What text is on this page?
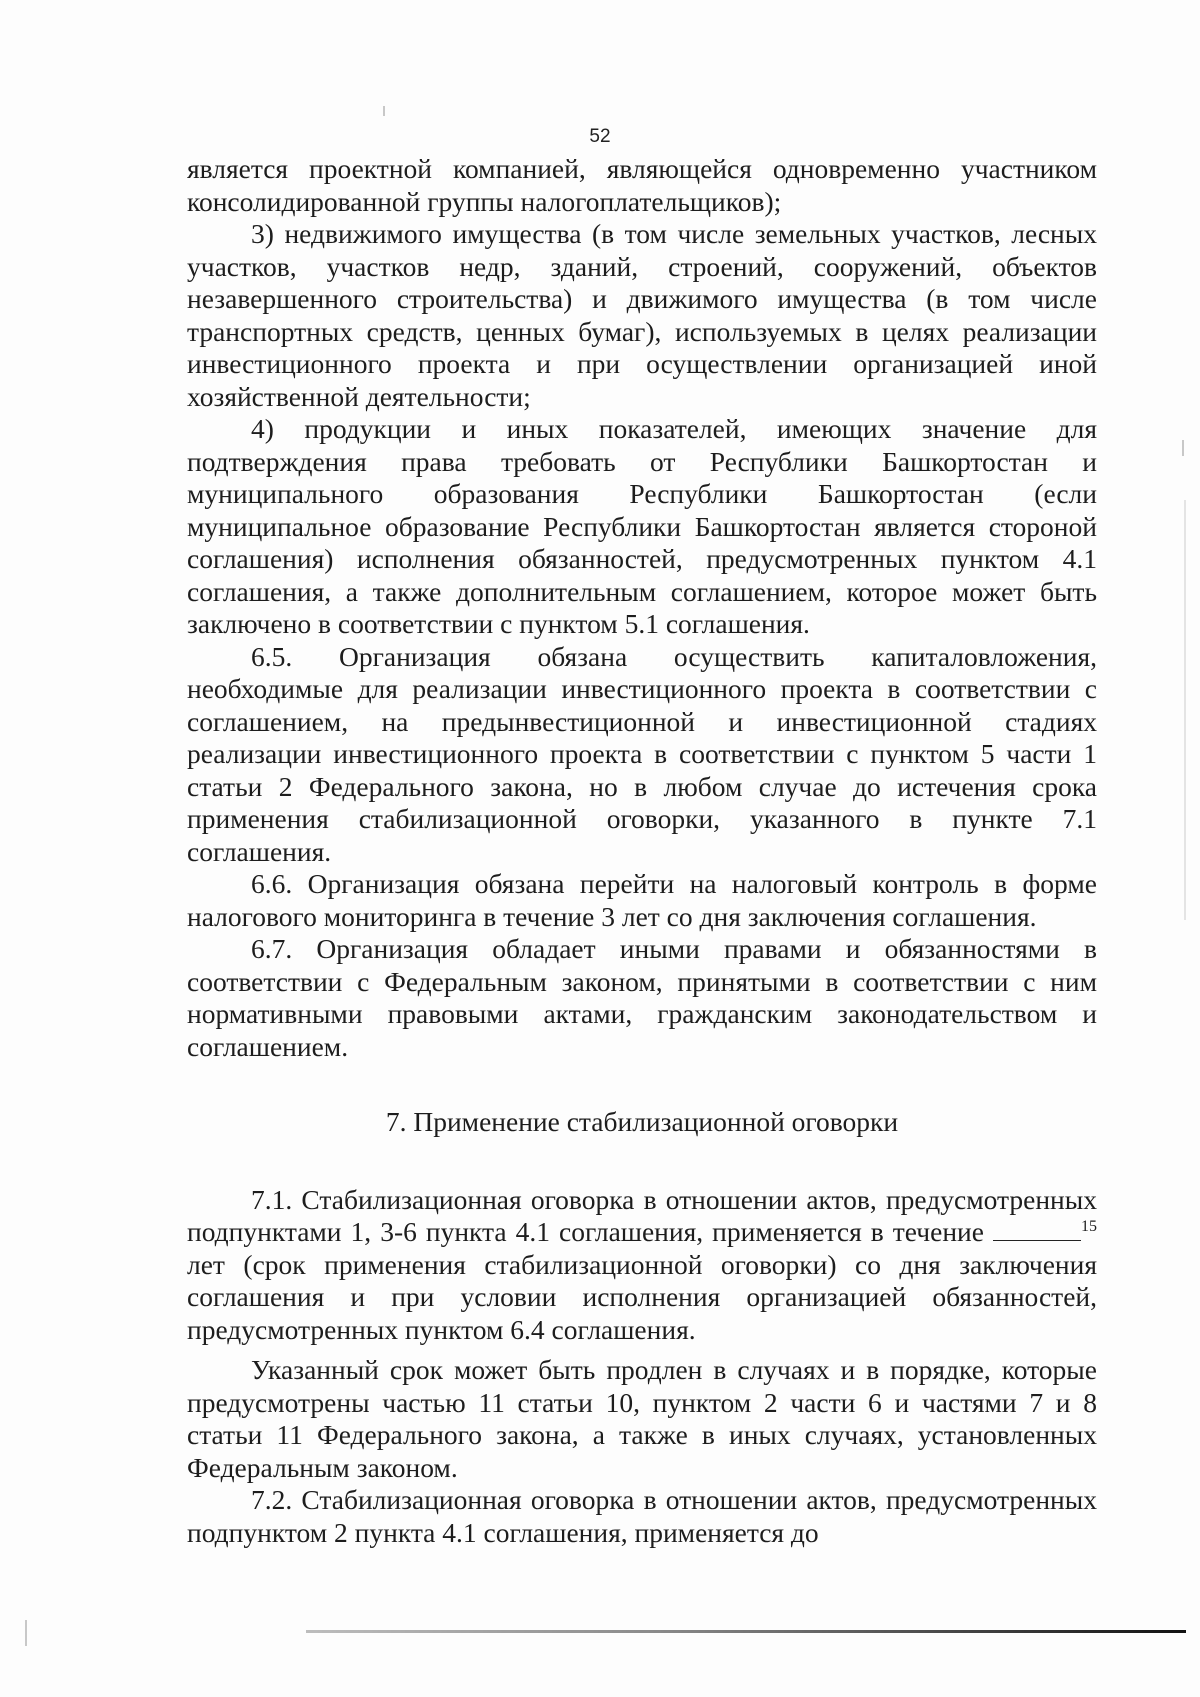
52

является проектной компанией, являющейся одновременно участником консолидированной группы налогоплательщиков);

3) недвижимого имущества (в том числе земельных участков, лесных участков, участков недр, зданий, строений, сооружений, объектов незавершенного строительства) и движимого имущества (в том числе транспортных средств, ценных бумаг), используемых в целях реализации инвестиционного проекта и при осуществлении организацией иной хозяйственной деятельности;

4) продукции и иных показателей, имеющих значение для подтверждения права требовать от Республики Башкортостан и муниципального образования Республики Башкортостан (если муниципальное образование Республики Башкортостан является стороной соглашения) исполнения обязанностей, предусмотренных пунктом 4.1 соглашения, а также дополнительным соглашением, которое может быть заключено в соответствии с пунктом 5.1 соглашения.

6.5. Организация обязана осуществить капиталовложения, необходимые для реализации инвестиционного проекта в соответствии с соглашением, на предынвестиционной и инвестиционной стадиях реализации инвестиционного проекта в соответствии с пунктом 5 части 1 статьи 2 Федерального закона, но в любом случае до истечения срока применения стабилизационной оговорки, указанного в пункте 7.1 соглашения.

6.6. Организация обязана перейти на налоговый контроль в форме налогового мониторинга в течение 3 лет со дня заключения соглашения.

6.7. Организация обладает иными правами и обязанностями в соответствии с Федеральным законом, принятыми в соответствии с ним нормативными правовыми актами, гражданским законодательством и соглашением.

7. Применение стабилизационной оговорки

7.1. Стабилизационная оговорка в отношении актов, предусмотренных подпунктами 1, 3-6 пункта 4.1 соглашения, применяется в течение	$^{15}$ лет (срок применения стабилизационной оговорки) со дня заключения соглашения и при условии исполнения организацией обязанностей, предусмотренных пунктом 6.4 соглашения.

Указанный срок может быть продлен в случаях и в порядке, которые предусмотрены частью 11 статьи 10, пунктом 2 части 6 и частями 7 и 8 статьи 11 Федерального закона, а также в иных случаях, установленных Федеральным законом.

7.2. Стабилизационная оговорка в отношении актов, предусмотренных подпунктом 2 пункта 4.1 соглашения, применяется до
